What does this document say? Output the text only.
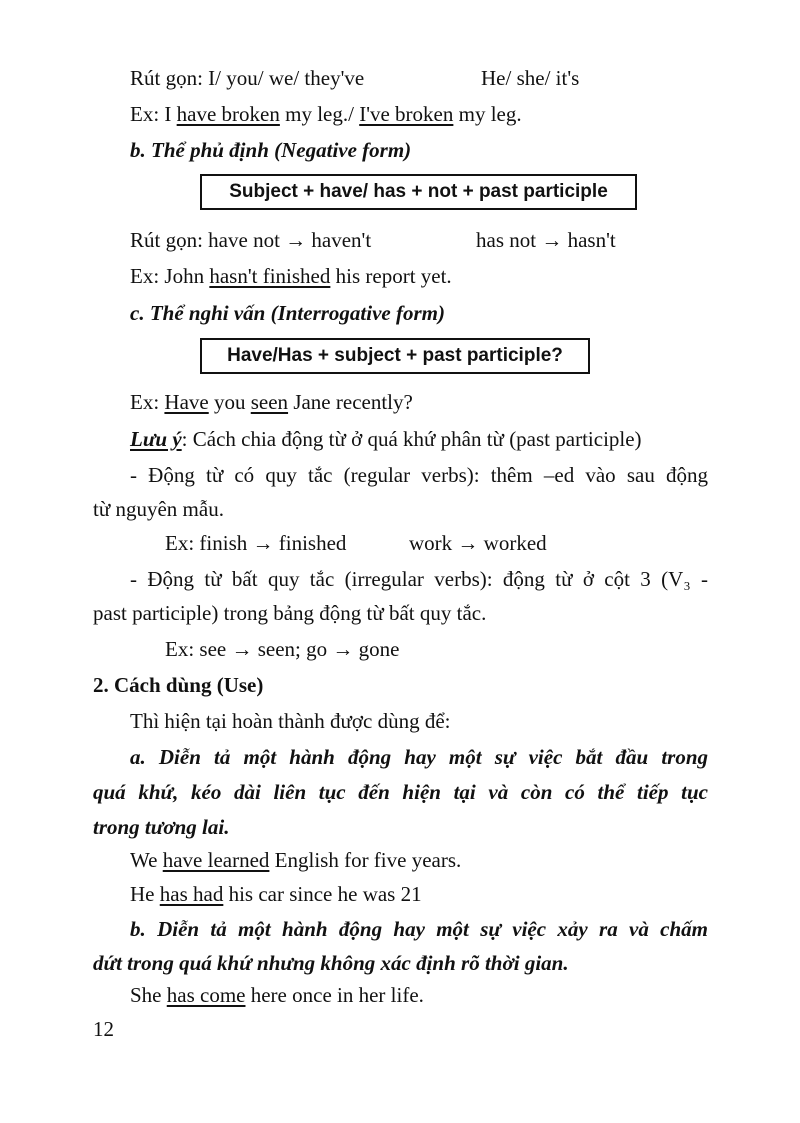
Rút gọn: I/ you/ we/ they've	He/ she/ it's
Ex: I have broken my leg./ I've broken my leg.
b. Thể phủ định (Negative form)
Subject + have/ has + not + past participle
Rút gọn: have not → haven't	has not → hasn't
Ex: John hasn't finished his report yet.
c. Thể nghi vấn (Interrogative form)
Have/Has + subject + past participle?
Ex: Have you seen Jane recently?
Lưu ý: Cách chia động từ ở quá khứ phân từ (past participle)
- Động từ có quy tắc (regular verbs): thêm –ed vào sau động
từ nguyên mẫu.
Ex: finish → finished	work → worked
- Động từ bất quy tắc (irregular verbs): động từ ở cột 3 (V₃ -
past participle) trong bảng động từ bất quy tắc.
Ex: see → seen; go → gone
2. Cách dùng (Use)
Thì hiện tại hoàn thành được dùng để:
a. Diễn tả một hành động hay một sự việc bắt đầu trong
quá khứ, kéo dài liên tục đến hiện tại và còn có thể tiếp tục
trong tương lai.
We have learned English for five years.
He has had his car since he was 21
b. Diễn tả một hành động hay một sự việc xảy ra và chấm
dứt trong quá khứ nhưng không xác định rõ thời gian.
She has come here once in her life.
12
